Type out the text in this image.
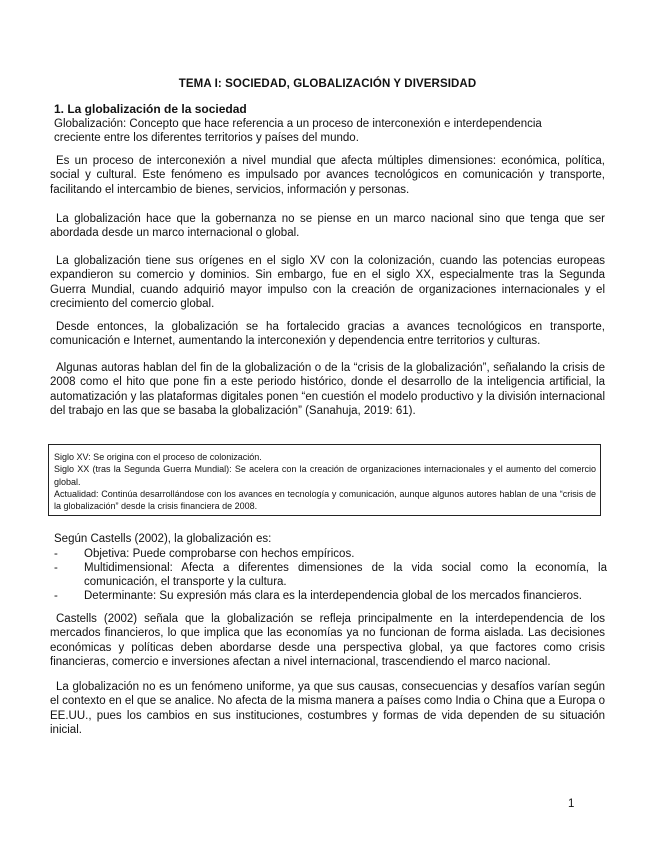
TEMA I: SOCIEDAD, GLOBALIZACIÓN Y DIVERSIDAD
1. La globalización de la sociedad
Globalización: Concepto que hace referencia a un proceso de interconexión e interdependencia creciente entre los diferentes territorios y países del mundo.

Es un proceso de interconexión a nivel mundial que afecta múltiples dimensiones: económica, política, social y cultural. Este fenómeno es impulsado por avances tecnológicos en comunicación y transporte, facilitando el intercambio de bienes, servicios, información y personas.

La globalización hace que la gobernanza no se piense en un marco nacional sino que tenga que ser abordada desde un marco internacional o global.

La globalización tiene sus orígenes en el siglo XV con la colonización, cuando las potencias europeas expandieron su comercio y dominios. Sin embargo, fue en el siglo XX, especialmente tras la Segunda Guerra Mundial, cuando adquirió mayor impulso con la creación de organizaciones internacionales y el crecimiento del comercio global.

Desde entonces, la globalización se ha fortalecido gracias a avances tecnológicos en transporte, comunicación e Internet, aumentando la interconexión y dependencia entre territorios y culturas.

Algunas autoras hablan del fin de la globalización o de la “crisis de la globalización”, señalando la crisis de 2008 como el hito que pone fin a este periodo histórico, donde el desarrollo de la inteligencia artificial, la automatización y las plataformas digitales ponen “en cuestión el modelo productivo y la división internacional del trabajo en las que se basaba la globalización” (Sanahuja, 2019: 61).

Siglo XV: Se origina con el proceso de colonización.
Siglo XX (tras la Segunda Guerra Mundial): Se acelera con la creación de organizaciones internacionales y el aumento del comercio global.
Actualidad: Continúa desarrollándose con los avances en tecnología y comunicación, aunque algunos autores hablan de una “crisis de la globalización” desde la crisis financiera de 2008.
Según Castells (2002), la globalización es:
-	Objetiva: Puede comprobarse con hechos empíricos.
-	Multidimensional: Afecta a diferentes dimensiones de la vida social como la economía, la comunicación, el transporte y la cultura.
-	Determinante: Su expresión más clara es la interdependencia global de los mercados financieros.

Castells (2002) señala que la globalización se refleja principalmente en la interdependencia de los mercados financieros, lo que implica que las economías ya no funcionan de forma aislada. Las decisiones económicas y políticas deben abordarse desde una perspectiva global, ya que factores como crisis financieras, comercio e inversiones afectan a nivel internacional, trascendiendo el marco nacional.

La globalización no es un fenómeno uniforme, ya que sus causas, consecuencias y desafíos varían según el contexto en el que se analice. No afecta de la misma manera a países como India o China que a Europa o EE.UU., pues los cambios en sus instituciones, costumbres y formas de vida dependen de su situación inicial.

1
